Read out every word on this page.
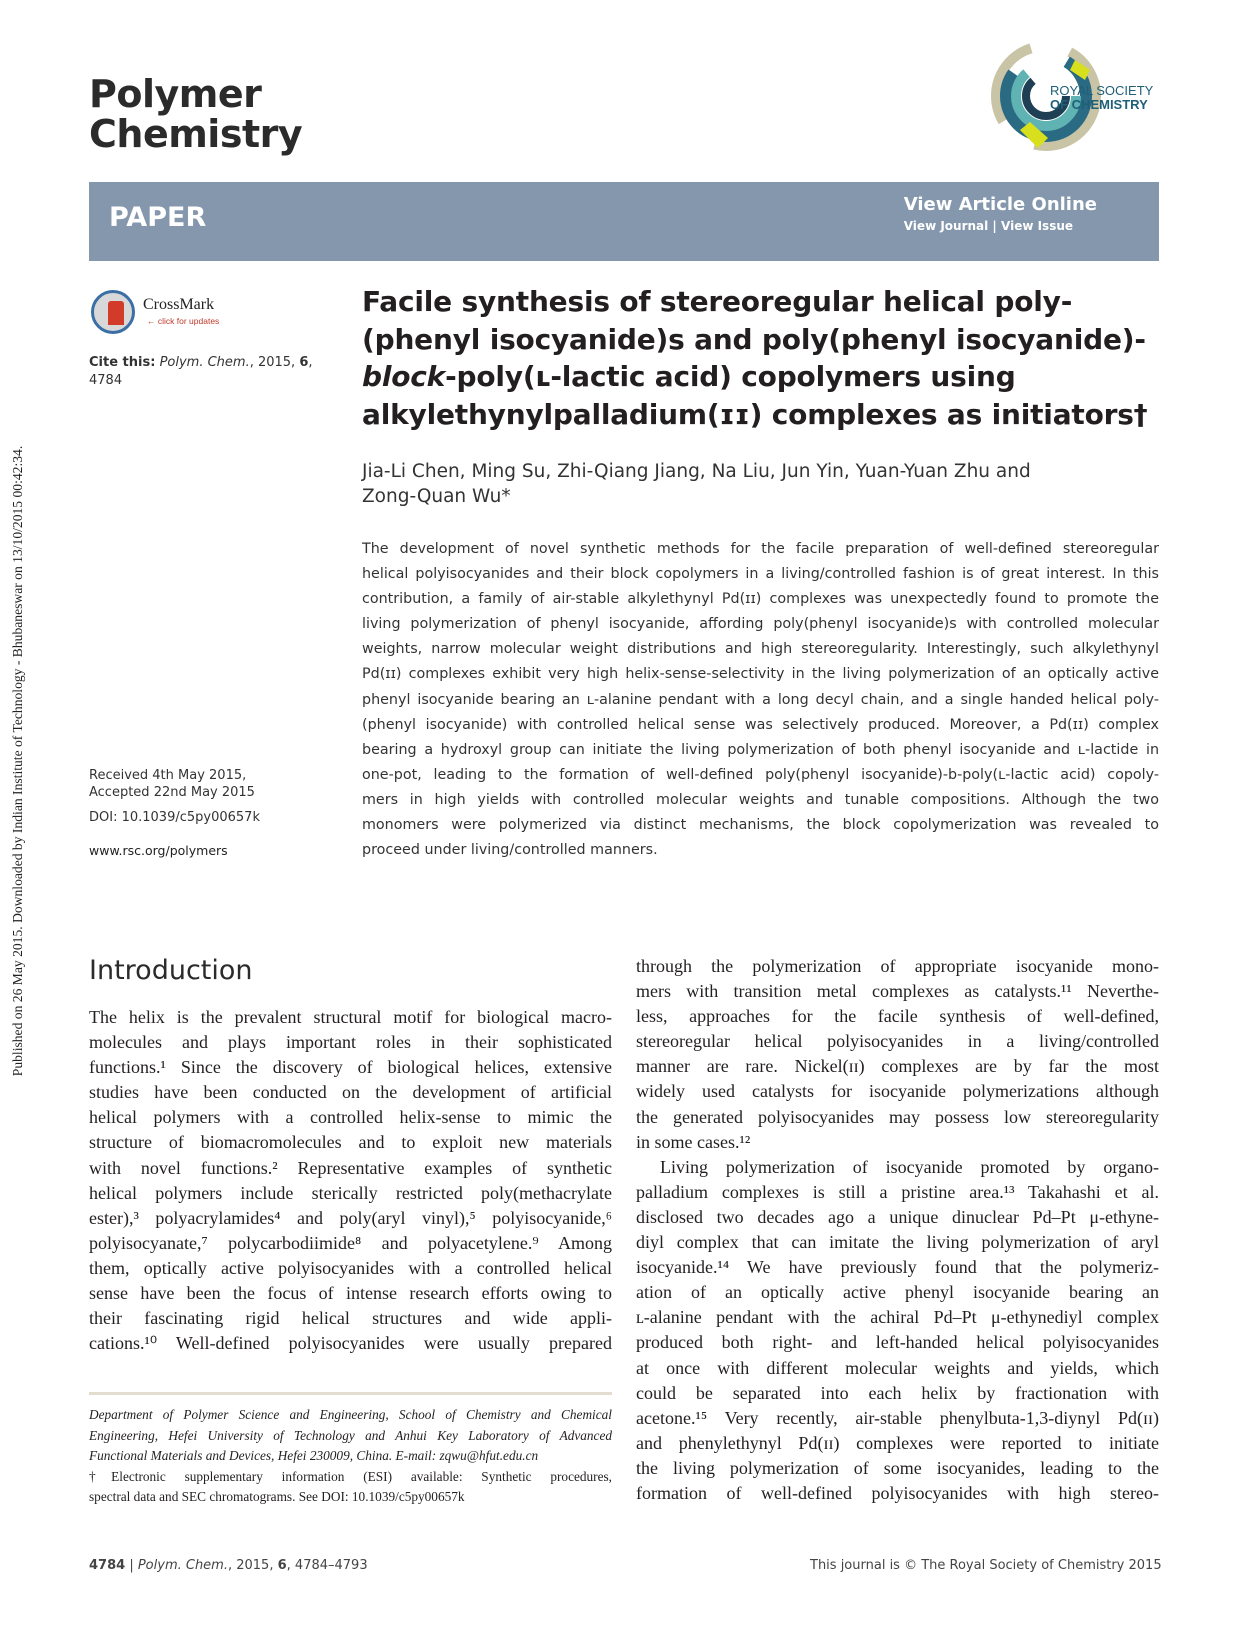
Published on 26 May 2015. Downloaded by Indian Institute of Technology - Bhubaneswar on 13/10/2015 00:42:34.
Polymer
Chemistry
ROYAL SOCIETY
OF CHEMISTRY
PAPER	View Article Online
View Journal | View Issue
CrossMark
← click for updates
Cite this: Polym. Chem., 2015, 6,
4784
Received 4th May 2015,
Accepted 22nd May 2015
DOI: 10.1039/c5py00657k
www.rsc.org/polymers
Facile synthesis of stereoregular helical poly-
(phenyl isocyanide)s and poly(phenyl isocyanide)-
block-poly(ʟ-lactic acid) copolymers using
alkylethynylpalladium(ɪɪ) complexes as initiators†
Jia-Li Chen, Ming Su, Zhi-Qiang Jiang, Na Liu, Jun Yin, Yuan-Yuan Zhu and
Zong-Quan Wu*
The development of novel synthetic methods for the facile preparation of well-defined stereoregular
helical polyisocyanides and their block copolymers in a living/controlled fashion is of great interest. In this
contribution, a family of air-stable alkylethynyl Pd(ɪɪ) complexes was unexpectedly found to promote the
living polymerization of phenyl isocyanide, affording poly(phenyl isocyanide)s with controlled molecular
weights, narrow molecular weight distributions and high stereoregularity. Interestingly, such alkylethynyl
Pd(ɪɪ) complexes exhibit very high helix-sense-selectivity in the living polymerization of an optically active
phenyl isocyanide bearing an ʟ-alanine pendant with a long decyl chain, and a single handed helical poly-
(phenyl isocyanide) with controlled helical sense was selectively produced. Moreover, a Pd(ɪɪ) complex
bearing a hydroxyl group can initiate the living polymerization of both phenyl isocyanide and ʟ-lactide in
one-pot, leading to the formation of well-defined poly(phenyl isocyanide)-b-poly(ʟ-lactic acid) copoly-
mers in high yields with controlled molecular weights and tunable compositions. Although the two
monomers were polymerized via distinct mechanisms, the block copolymerization was revealed to
proceed under living/controlled manners.
Introduction
The helix is the prevalent structural motif for biological macro-
molecules and plays important roles in their sophisticated
functions.¹ Since the discovery of biological helices, extensive
studies have been conducted on the development of artificial
helical polymers with a controlled helix-sense to mimic the
structure of biomacromolecules and to exploit new materials
with novel functions.² Representative examples of synthetic
helical polymers include sterically restricted poly(methacrylate
ester),³ polyacrylamides⁴ and poly(aryl vinyl),⁵ polyisocyanide,⁶
polyisocyanate,⁷ polycarbodiimide⁸ and polyacetylene.⁹ Among
them, optically active polyisocyanides with a controlled helical
sense have been the focus of intense research efforts owing to
their fascinating rigid helical structures and wide appli-
cations.¹⁰ Well-defined polyisocyanides were usually prepared
through the polymerization of appropriate isocyanide mono-
mers with transition metal complexes as catalysts.¹¹ Neverthe-
less, approaches for the facile synthesis of well-defined,
stereoregular helical polyisocyanides in a living/controlled
manner are rare. Nickel(ɪɪ) complexes are by far the most
widely used catalysts for isocyanide polymerizations although
the generated polyisocyanides may possess low stereoregularity
in some cases.¹²
Living polymerization of isocyanide promoted by organo-
palladium complexes is still a pristine area.¹³ Takahashi et al.
disclosed two decades ago a unique dinuclear Pd–Pt μ-ethyne-
diyl complex that can imitate the living polymerization of aryl
isocyanide.¹⁴ We have previously found that the polymeriz-
ation of an optically active phenyl isocyanide bearing an
ʟ-alanine pendant with the achiral Pd–Pt μ-ethynediyl complex
produced both right- and left-handed helical polyisocyanides
at once with different molecular weights and yields, which
could be separated into each helix by fractionation with
acetone.¹⁵ Very recently, air-stable phenylbuta-1,3-diynyl Pd(ɪɪ)
and phenylethynyl Pd(ɪɪ) complexes were reported to initiate
the living polymerization of some isocyanides, leading to the
formation of well-defined polyisocyanides with high stereo-
Department of Polymer Science and Engineering, School of Chemistry and Chemical
Engineering, Hefei University of Technology and Anhui Key Laboratory of Advanced
Functional Materials and Devices, Hefei 230009, China. E-mail: zqwu@hfut.edu.cn
†Electronic supplementary information (ESI) available: Synthetic procedures,
spectral data and SEC chromatograms. See DOI: 10.1039/c5py00657k
4784 | Polym. Chem., 2015, 6, 4784–4793	This journal is © The Royal Society of Chemistry 2015
